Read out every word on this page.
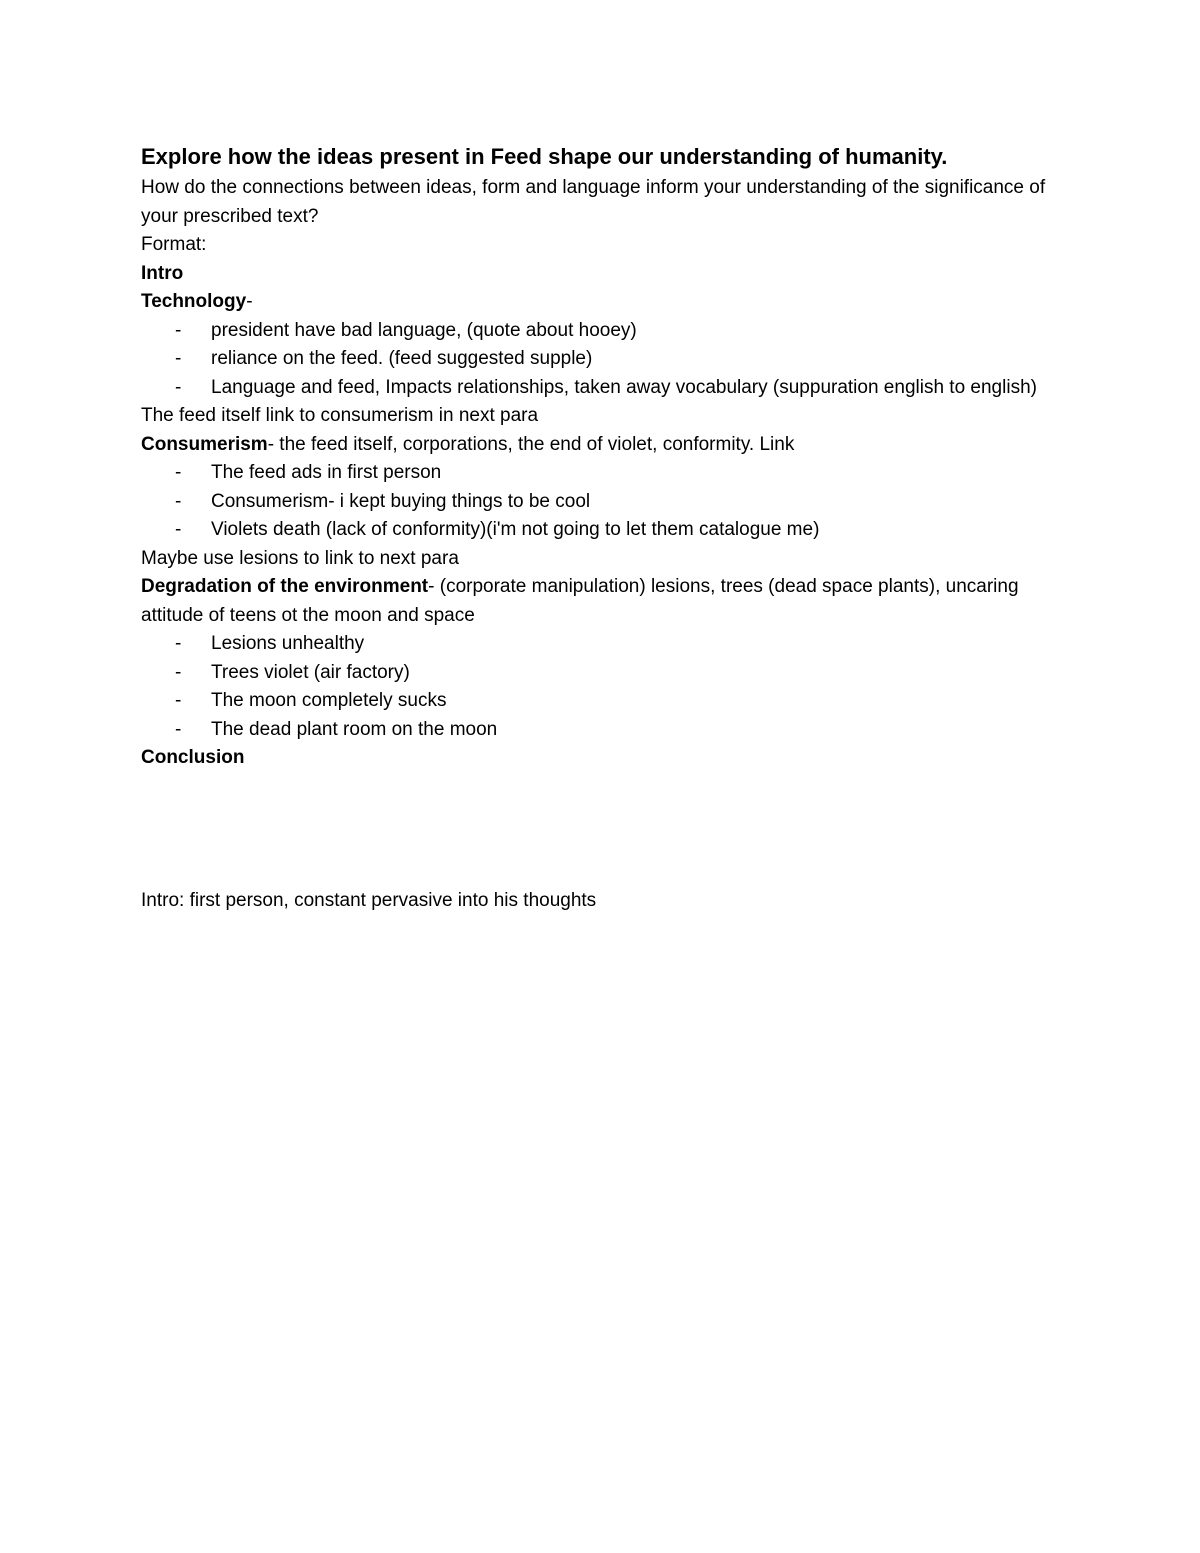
Explore how the ideas present in Feed shape our understanding of humanity.

How do the connections between ideas, form and language inform your understanding of the significance of your prescribed text?

Format:

Intro

Technology-

- president have bad language, (quote about hooey)
- reliance on the feed. (feed suggested supple)
- Language and feed, Impacts relationships, taken away vocabulary (suppuration english to english)

The feed itself link to consumerism in next para

Consumerism- the feed itself, corporations, the end of violet, conformity. Link

- The feed ads in first person
- Consumerism- i kept buying things to be cool
- Violets death (lack of conformity)(i'm not going to let them catalogue me)

Maybe use lesions to link to next para

Degradation of the environment- (corporate manipulation) lesions, trees (dead space plants), uncaring attitude of teens ot the moon and space

- Lesions unhealthy
- Trees violet (air factory)
- The moon completely sucks
- The dead plant room on the moon

Conclusion

Intro: first person, constant pervasive into his thoughts
